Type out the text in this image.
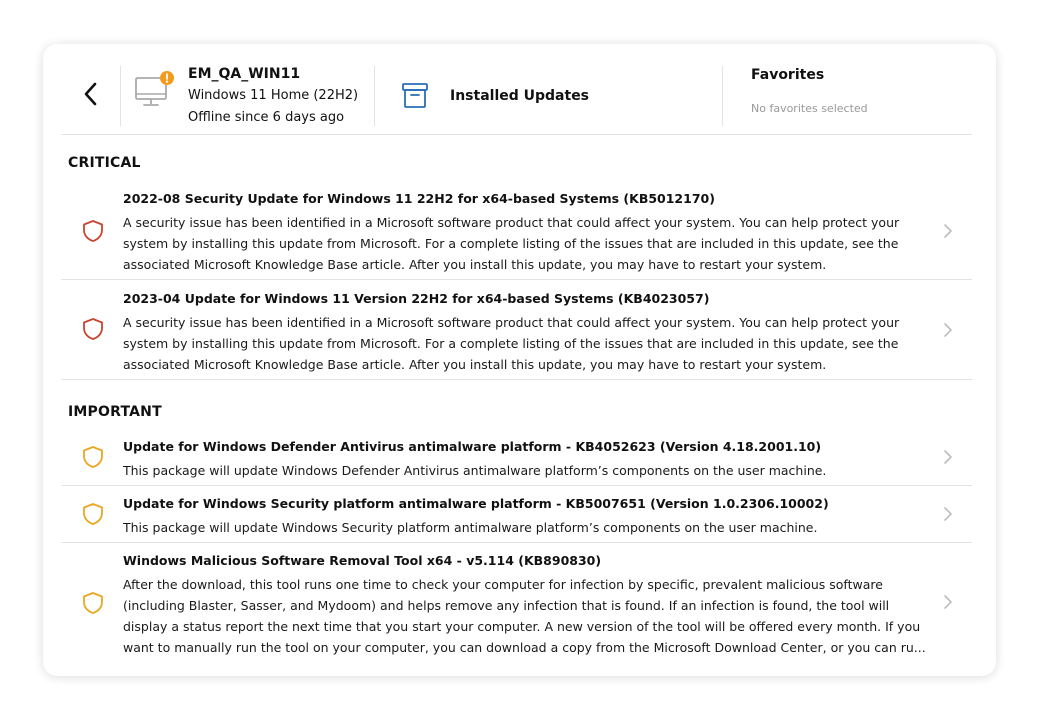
EM_QA_WIN11
Windows 11 Home (22H2)
Offline since 6 days ago
Installed Updates
Favorites
No favorites selected
CRITICAL
2022-08 Security Update for Windows 11 22H2 for x64-based Systems (KB5012170)
A security issue has been identified in a Microsoft software product that could affect your system. You can help protect your system by installing this update from Microsoft. For a complete listing of the issues that are included in this update, see the associated Microsoft Knowledge Base article. After you install this update, you may have to restart your system.
2023-04 Update for Windows 11 Version 22H2 for x64-based Systems (KB4023057)
A security issue has been identified in a Microsoft software product that could affect your system. You can help protect your system by installing this update from Microsoft. For a complete listing of the issues that are included in this update, see the associated Microsoft Knowledge Base article. After you install this update, you may have to restart your system.
IMPORTANT
Update for Windows Defender Antivirus antimalware platform - KB4052623 (Version 4.18.2001.10)
This package will update Windows Defender Antivirus antimalware platform’s components on the user machine.
Update for Windows Security platform antimalware platform - KB5007651 (Version 1.0.2306.10002)
This package will update Windows Security platform antimalware platform’s components on the user machine.
Windows Malicious Software Removal Tool x64 - v5.114 (KB890830)
After the download, this tool runs one time to check your computer for infection by specific, prevalent malicious software (including Blaster, Sasser, and Mydoom) and helps remove any infection that is found. If an infection is found, the tool will display a status report the next time that you start your computer. A new version of the tool will be offered every month. If you want to manually run the tool on your computer, you can download a copy from the Microsoft Download Center, or you can ru...
